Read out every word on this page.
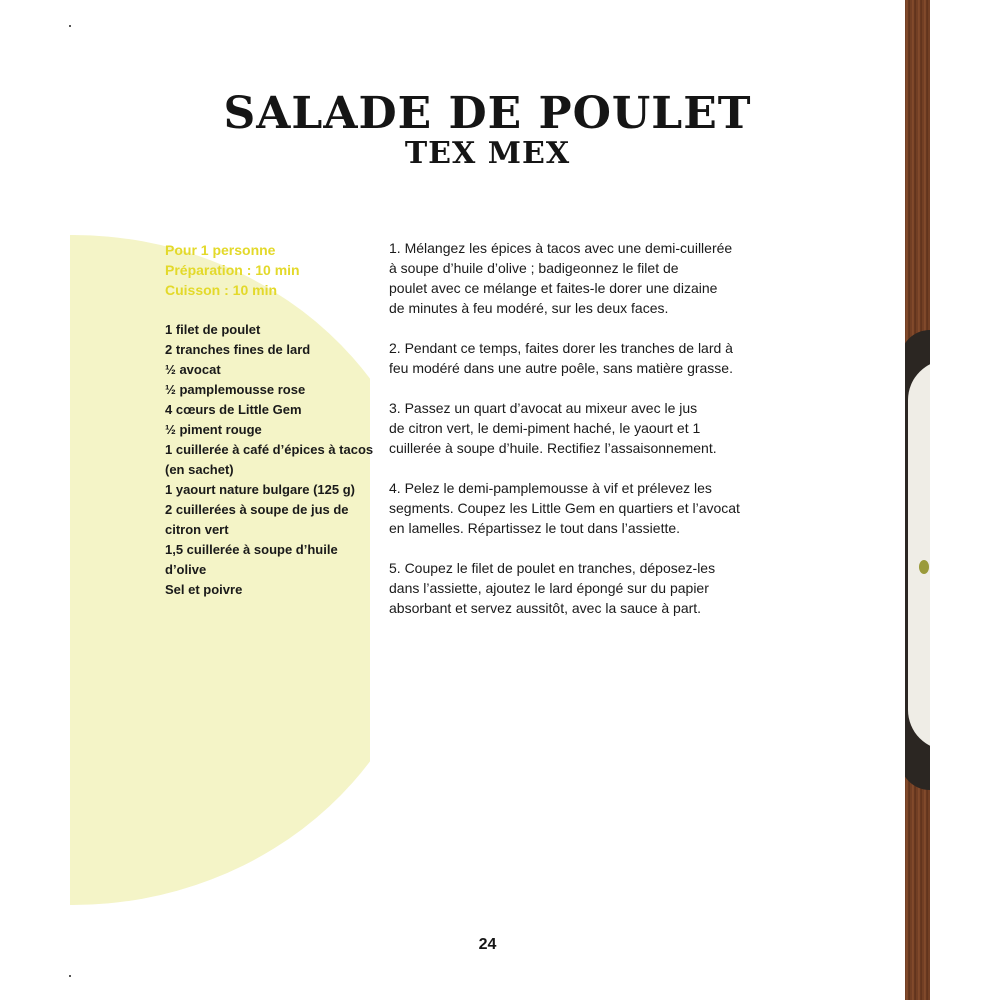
SALADE DE POULET
TEX MEX
Pour 1 personne
Préparation : 10 min
Cuisson : 10 min
1 filet de poulet
2 tranches fines de lard
½ avocat
½ pamplemousse rose
4 cœurs de Little Gem
½ piment rouge
1 cuillerée à café d’épices à tacos (en sachet)
1 yaourt nature bulgare (125 g)
2 cuillerées à soupe de jus de citron vert
1,5 cuillerée à soupe d’huile d’olive
Sel et poivre

1. Mélangez les épices à tacos avec une demi-cuillerée
à soupe d’huile d’olive ; badigeonnez le filet de
poulet avec ce mélange et faites-le dorer une dizaine
de minutes à feu modéré, sur les deux faces.

2. Pendant ce temps, faites dorer les tranches de lard à
feu modéré dans une autre poêle, sans matière grasse.

3. Passez un quart d’avocat au mixeur avec le jus
de citron vert, le demi-piment haché, le yaourt et 1
cuillerée à soupe d’huile. Rectifiez l’assaisonnement.

4. Pelez le demi-pamplemousse à vif et prélevez les
segments. Coupez les Little Gem en quartiers et l’avocat
en lamelles. Répartissez le tout dans l’assiette.

5. Coupez le filet de poulet en tranches, déposez-les
dans l’assiette, ajoutez le lard épongé sur du papier
absorbant et servez aussitôt, avec la sauce à part.

24
